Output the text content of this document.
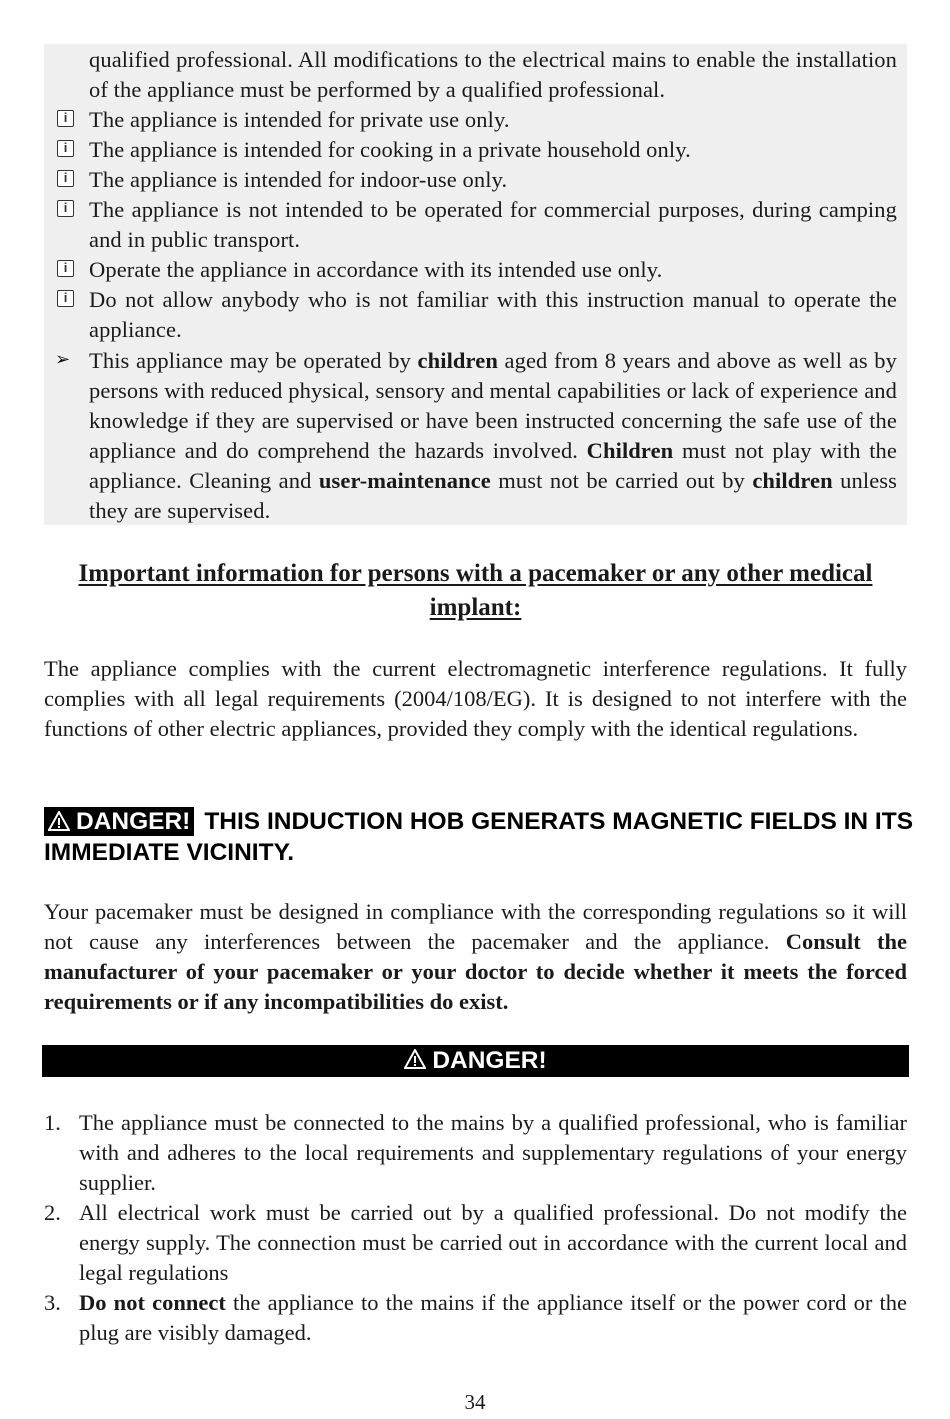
qualified professional. All modifications to the electrical mains to enable the installation of the appliance must be performed by a qualified professional.
i The appliance is intended for private use only.
i The appliance is intended for cooking in a private household only.
i The appliance is intended for indoor-use only.
i The appliance is not intended to be operated for commercial purposes, during camping and in public transport.
i Operate the appliance in accordance with its intended use only.
i Do not allow anybody who is not familiar with this instruction manual to operate the appliance.
➢ This appliance may be operated by children aged from 8 years and above as well as by persons with reduced physical, sensory and mental capabilities or lack of experience and knowledge if they are supervised or have been instructed concerning the safe use of the appliance and do comprehend the hazards involved. Children must not play with the appliance. Cleaning and user-maintenance must not be carried out by children unless they are supervised.
Important information for persons with a pacemaker or any other medical implant:
The appliance complies with the current electromagnetic interference regulations. It fully complies with all legal requirements (2004/108/EG). It is designed to not interfere with the functions of other electric appliances, provided they comply with the identical regulations.
DANGER! THIS INDUCTION HOB GENERATS MAGNETIC FIELDS IN ITS IMMEDIATE VICINITY.
Your pacemaker must be designed in compliance with the corresponding regulations so it will not cause any interferences between the pacemaker and the appliance. Consult the manufacturer of your pacemaker or your doctor to decide whether it meets the forced requirements or if any incompatibilities do exist.
DANGER!
1. The appliance must be connected to the mains by a qualified professional, who is familiar with and adheres to the local requirements and supplementary regulations of your energy supplier.
2. All electrical work must be carried out by a qualified professional. Do not modify the energy supply. The connection must be carried out in accordance with the current local and legal regulations
3. Do not connect the appliance to the mains if the appliance itself or the power cord or the plug are visibly damaged.
34
